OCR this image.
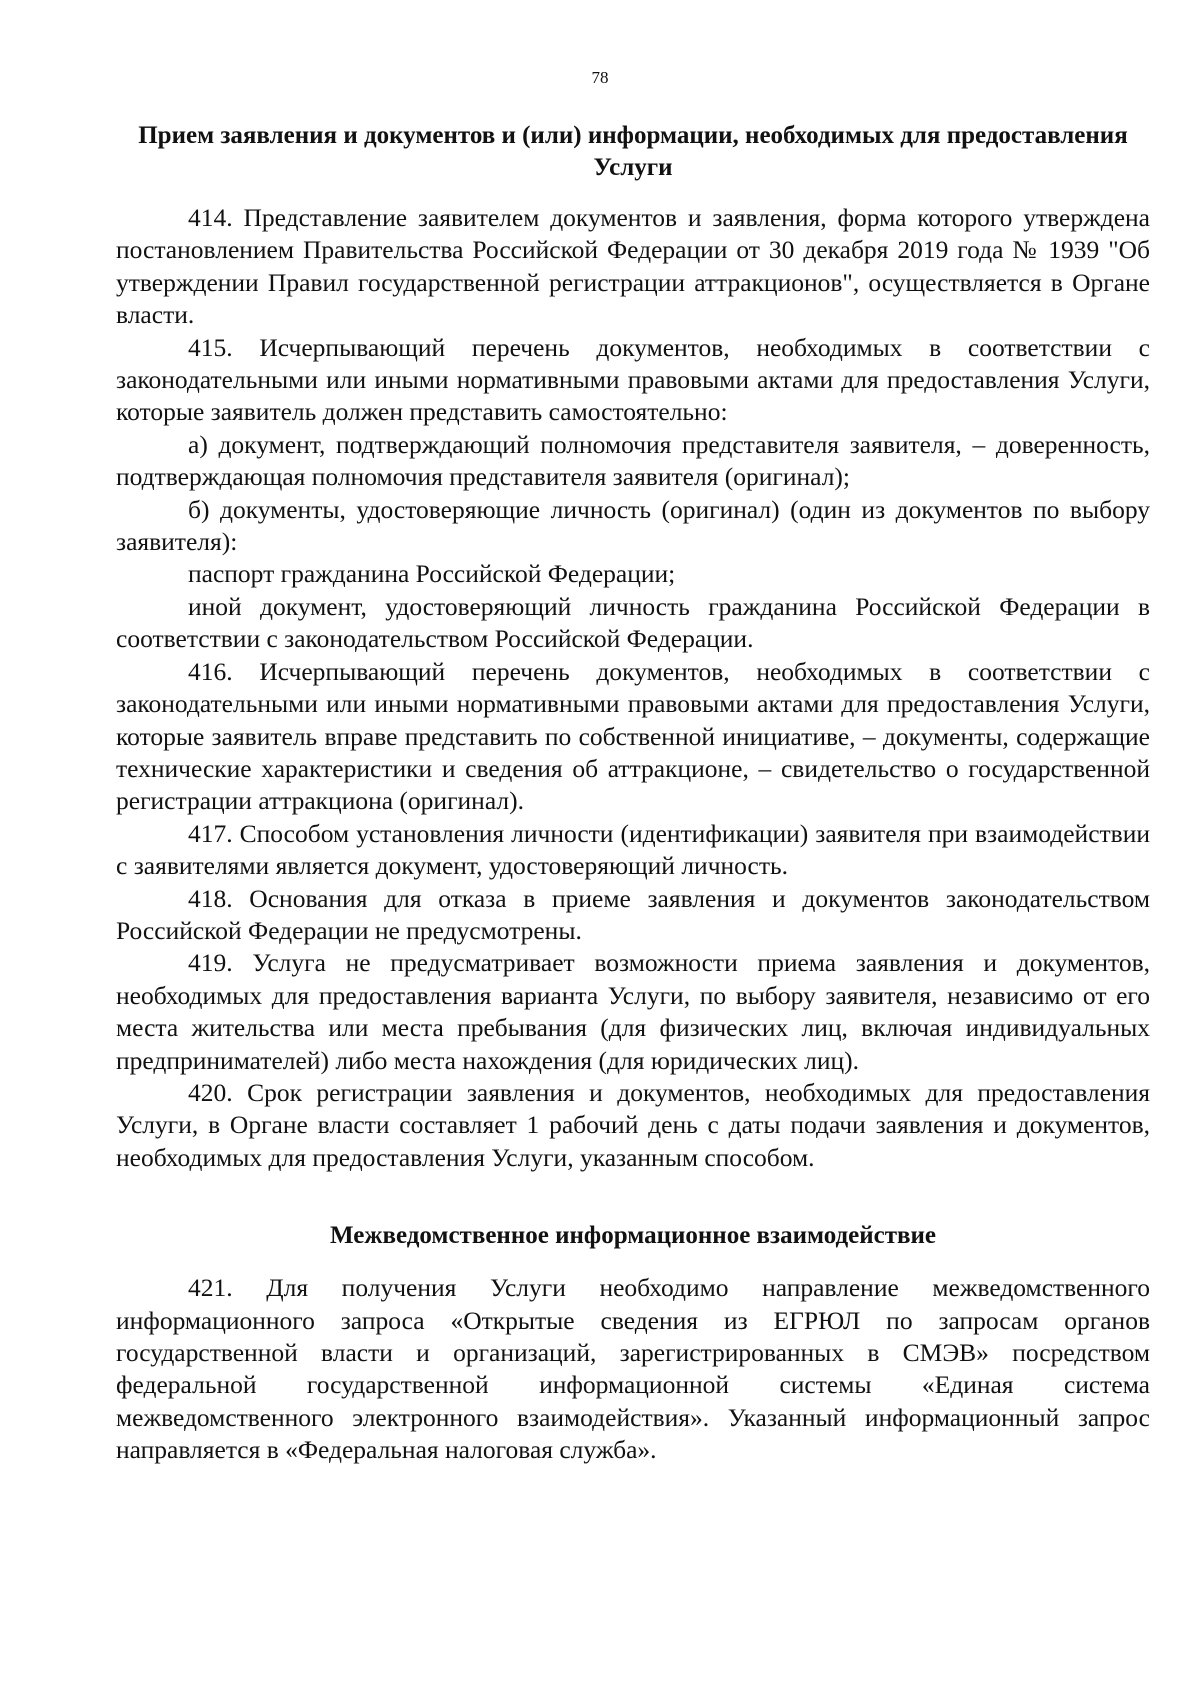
78
Прием заявления и документов и (или) информации, необходимых для предоставления Услуги

414. Представление заявителем документов и заявления, форма которого утверждена постановлением Правительства Российской Федерации от 30 декабря 2019 года № 1939 "Об утверждении Правил государственной регистрации аттракционов", осуществляется в Органе власти.

415. Исчерпывающий перечень документов, необходимых в соответствии с законодательными или иными нормативными правовыми актами для предоставления Услуги, которые заявитель должен представить самостоятельно:

а) документ, подтверждающий полномочия представителя заявителя, – доверенность, подтверждающая полномочия представителя заявителя (оригинал);

б) документы, удостоверяющие личность (оригинал) (один из документов по выбору заявителя):

паспорт гражданина Российской Федерации;

иной документ, удостоверяющий личность гражданина Российской Федерации в соответствии с законодательством Российской Федерации.

416. Исчерпывающий перечень документов, необходимых в соответствии с законодательными или иными нормативными правовыми актами для предоставления Услуги, которые заявитель вправе представить по собственной инициативе, – документы, содержащие технические характеристики и сведения об аттракционе, – свидетельство о государственной регистрации аттракциона (оригинал).

417. Способом установления личности (идентификации) заявителя при взаимодействии с заявителями является документ, удостоверяющий личность.

418. Основания для отказа в приеме заявления и документов законодательством Российской Федерации не предусмотрены.

419. Услуга не предусматривает возможности приема заявления и документов, необходимых для предоставления варианта Услуги, по выбору заявителя, независимо от его места жительства или места пребывания (для физических лиц, включая индивидуальных предпринимателей) либо места нахождения (для юридических лиц).

420. Срок регистрации заявления и документов, необходимых для предоставления Услуги, в Органе власти составляет 1 рабочий день с даты подачи заявления и документов, необходимых для предоставления Услуги, указанным способом.

Межведомственное информационное взаимодействие

421. Для получения Услуги необходимо направление межведомственного информационного запроса «Открытые сведения из ЕГРЮЛ по запросам органов государственной власти и организаций, зарегистрированных в СМЭВ» посредством федеральной государственной информационной системы «Единая система межведомственного электронного взаимодействия». Указанный информационный запрос направляется в «Федеральная налоговая служба».
